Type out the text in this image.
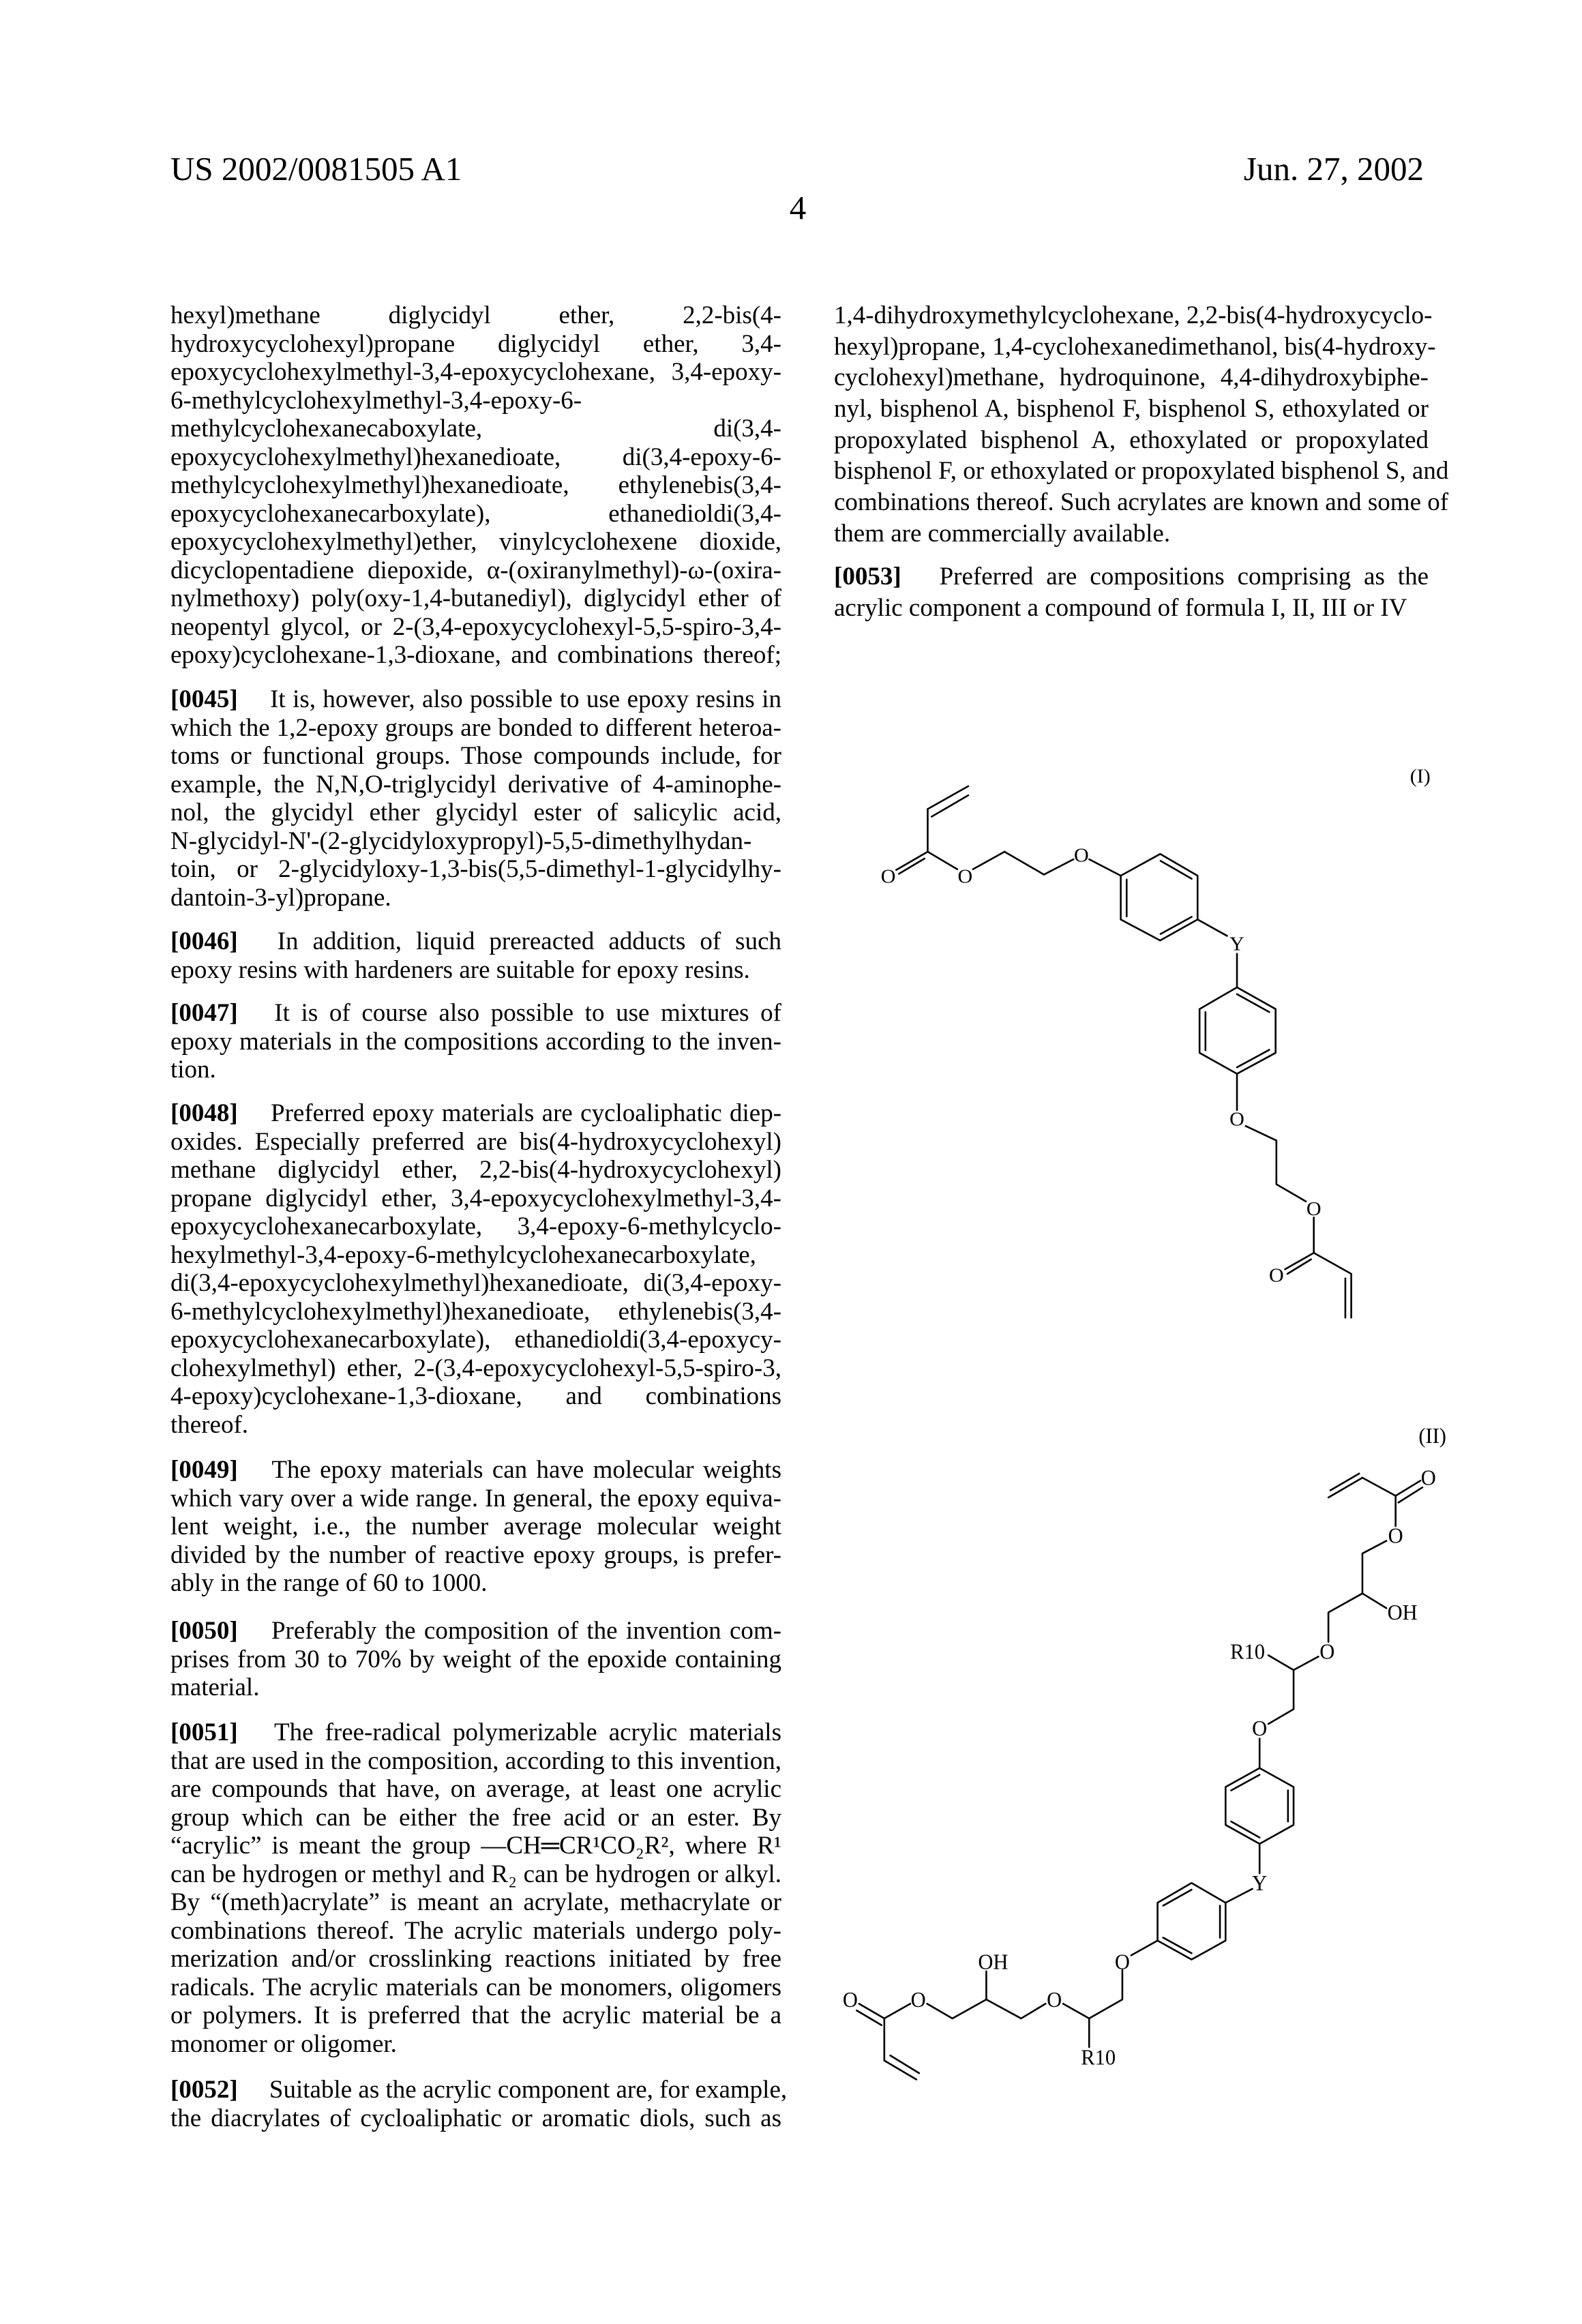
US 2002/0081505 A1	Jun. 27, 2002
4
hexyl)methane diglycidyl ether, 2,2-bis(4-
hydroxycyclohexyl)propane diglycidyl ether, 3,4-
epoxycyclohexylmethyl-3,4-epoxycyclohexane, 3,4-epoxy-
6-methylcyclohexylmethyl-3,4-epoxy-6-
methylcyclohexanecaboxylate, di(3,4-
epoxycyclohexylmethyl)hexanedioate, di(3,4-epoxy-6-
methylcyclohexylmethyl)hexanedioate, ethylenebis(3,4-
epoxycyclohexanecarboxylate), ethanedioldi(3,4-
epoxycyclohexylmethyl)ether, vinylcyclohexene dioxide,
dicyclopentadiene diepoxide, α-(oxiranylmethyl)-ω-(oxira-
nylmethoxy) poly(oxy-1,4-butanediyl), diglycidyl ether of
neopentyl glycol, or 2-(3,4-epoxycyclohexyl-5,5-spiro-3,4-
epoxy)cyclohexane-1,3-dioxane, and combinations thereof;
[0045]  It is, however, also possible to use epoxy resins in
which the 1,2-epoxy groups are bonded to different heteroa-
toms or functional groups. Those compounds include, for
example, the N,N,O-triglycidyl derivative of 4-aminophe-
nol, the glycidyl ether glycidyl ester of salicylic acid,
N-glycidyl-N'-(2-glycidyloxypropyl)-5,5-dimethylhydan-
toin, or 2-glycidyloxy-1,3-bis(5,5-dimethyl-1-glycidylhy-
dantoin-3-yl)propane.
[0046]  In addition, liquid prereacted adducts of such
epoxy resins with hardeners are suitable for epoxy resins.
[0047]  It is of course also possible to use mixtures of
epoxy materials in the compositions according to the inven-
tion.
[0048]  Preferred epoxy materials are cycloaliphatic diep-
oxides. Especially preferred are bis(4-hydroxycyclohexyl)
methane diglycidyl ether, 2,2-bis(4-hydroxycyclohexyl)
propane diglycidyl ether, 3,4-epoxycyclohexylmethyl-3,4-
epoxycyclohexanecarboxylate, 3,4-epoxy-6-methylcyclo-
hexylmethyl-3,4-epoxy-6-methylcyclohexanecarboxylate,
di(3,4-epoxycyclohexylmethyl)hexanedioate, di(3,4-epoxy-
6-methylcyclohexylmethyl)hexanedioate, ethylenebis(3,4-
epoxycyclohexanecarboxylate), ethanedioldi(3,4-epoxycy-
clohexylmethyl) ether, 2-(3,4-epoxycyclohexyl-5,5-spiro-3,
4-epoxy)cyclohexane-1,3-dioxane, and combinations
thereof.
[0049]  The epoxy materials can have molecular weights
which vary over a wide range. In general, the epoxy equiva-
lent weight, i.e., the number average molecular weight
divided by the number of reactive epoxy groups, is prefer-
ably in the range of 60 to 1000.
[0050]  Preferably the composition of the invention com-
prises from 30 to 70% by weight of the epoxide containing
material.
[0051]  The free-radical polymerizable acrylic materials
that are used in the composition, according to this invention,
are compounds that have, on average, at least one acrylic
group which can be either the free acid or an ester. By
“acrylic” is meant the group —CH═CR¹CO₂R², where R¹
can be hydrogen or methyl and R₂ can be hydrogen or alkyl.
By “(meth)acrylate” is meant an acrylate, methacrylate or
combinations thereof. The acrylic materials undergo poly-
merization and/or crosslinking reactions initiated by free
radicals. The acrylic materials can be monomers, oligomers
or polymers. It is preferred that the acrylic material be a
monomer or oligomer.
[0052]  Suitable as the acrylic component are, for example,
the diacrylates of cycloaliphatic or aromatic diols, such as
1,4-dihydroxymethylcyclohexane, 2,2-bis(4-hydroxycyclo-
hexyl)propane, 1,4-cyclohexanedimethanol, bis(4-hydroxy-
cyclohexyl)methane, hydroquinone, 4,4-dihydroxybiphe-
nyl, bisphenol A, bisphenol F, bisphenol S, ethoxylated or
propoxylated bisphenol A, ethoxylated or propoxylated
bisphenol F, or ethoxylated or propoxylated bisphenol S, and
combinations thereof. Such acrylates are known and some of
them are commercially available.
[0053]  Preferred are compositions comprising as the
acrylic component a compound of formula I, II, III or IV
(I)
O O
O
Y
O
O
O
(II)
O
O
OH
R10 O
O
Y
O
OH
O
O
O
R10
